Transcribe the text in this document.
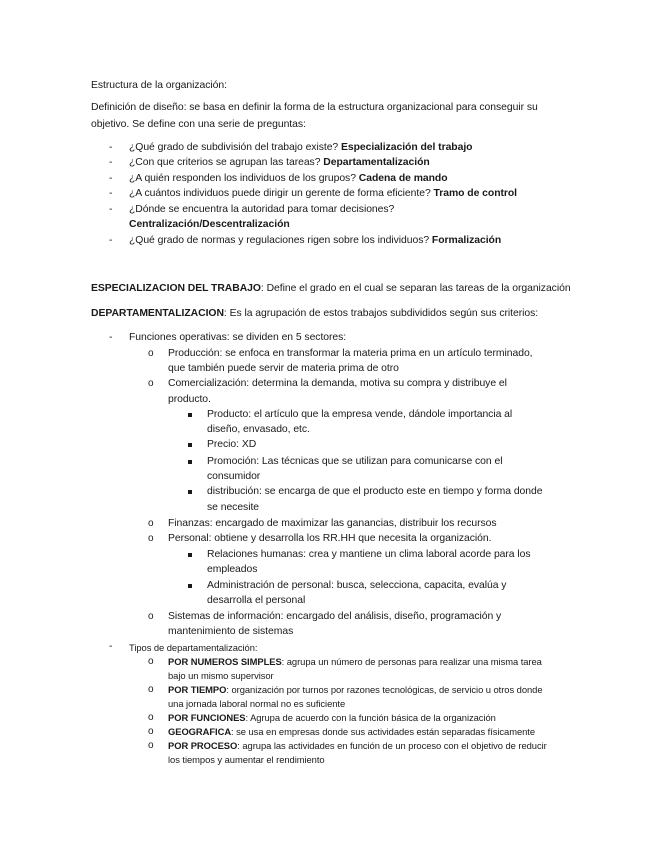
Estructura de la organización:
Definición de diseño: se basa en definir la forma de la estructura organizacional para conseguir su
objetivo. Se define con una serie de preguntas:
- ¿Qué grado de subdivisión del trabajo existe? Especialización del trabajo
- ¿Con que criterios se agrupan las tareas? Departamentalización
- ¿A quién responden los individuos de los grupos? Cadena de mando
- ¿A cuántos individuos puede dirigir un gerente de forma eficiente? Tramo de control
- ¿Dónde se encuentra la autoridad para tomar decisiones?
Centralización/Descentralización
- ¿Qué grado de normas y regulaciones rigen sobre los individuos? Formalización
ESPECIALIZACION DEL TRABAJO: Define el grado en el cual se separan las tareas de la organización
DEPARTAMENTALIZACION: Es la agrupación de estos trabajos subdivididos según sus criterios:
- Funciones operativas: se dividen en 5 sectores:
o Producción: se enfoca en transformar la materia prima en un artículo terminado,
que también puede servir de materia prima de otro
o Comercialización: determina la demanda, motiva su compra y distribuye el
producto.
Producto: el artículo que la empresa vende, dándole importancia al
diseño, envasado, etc.
Precio: XD
Promoción: Las técnicas que se utilizan para comunicarse con el
consumidor
distribución: se encarga de que el producto este en tiempo y forma donde
se necesite
o Finanzas: encargado de maximizar las ganancias, distribuir los recursos
o Personal: obtiene y desarrolla los RR.HH que necesita la organización.
Relaciones humanas: crea y mantiene un clima laboral acorde para los
empleados
Administración de personal: busca, selecciona, capacita, evalúa y
desarrolla el personal
o Sistemas de información: encargado del análisis, diseño, programación y
mantenimiento de sistemas
- Tipos de departamentalización:
o POR NUMEROS SIMPLES: agrupa un número de personas para realizar una misma tarea
bajo un mismo supervisor
o POR TIEMPO: organización por turnos por razones tecnológicas, de servicio u otros donde
una jornada laboral normal no es suficiente
o POR FUNCIONES: Agrupa de acuerdo con la función básica de la organización
o GEOGRAFICA: se usa en empresas donde sus actividades están separadas físicamente
o POR PROCESO: agrupa las actividades en función de un proceso con el objetivo de reducir
los tiempos y aumentar el rendimiento
